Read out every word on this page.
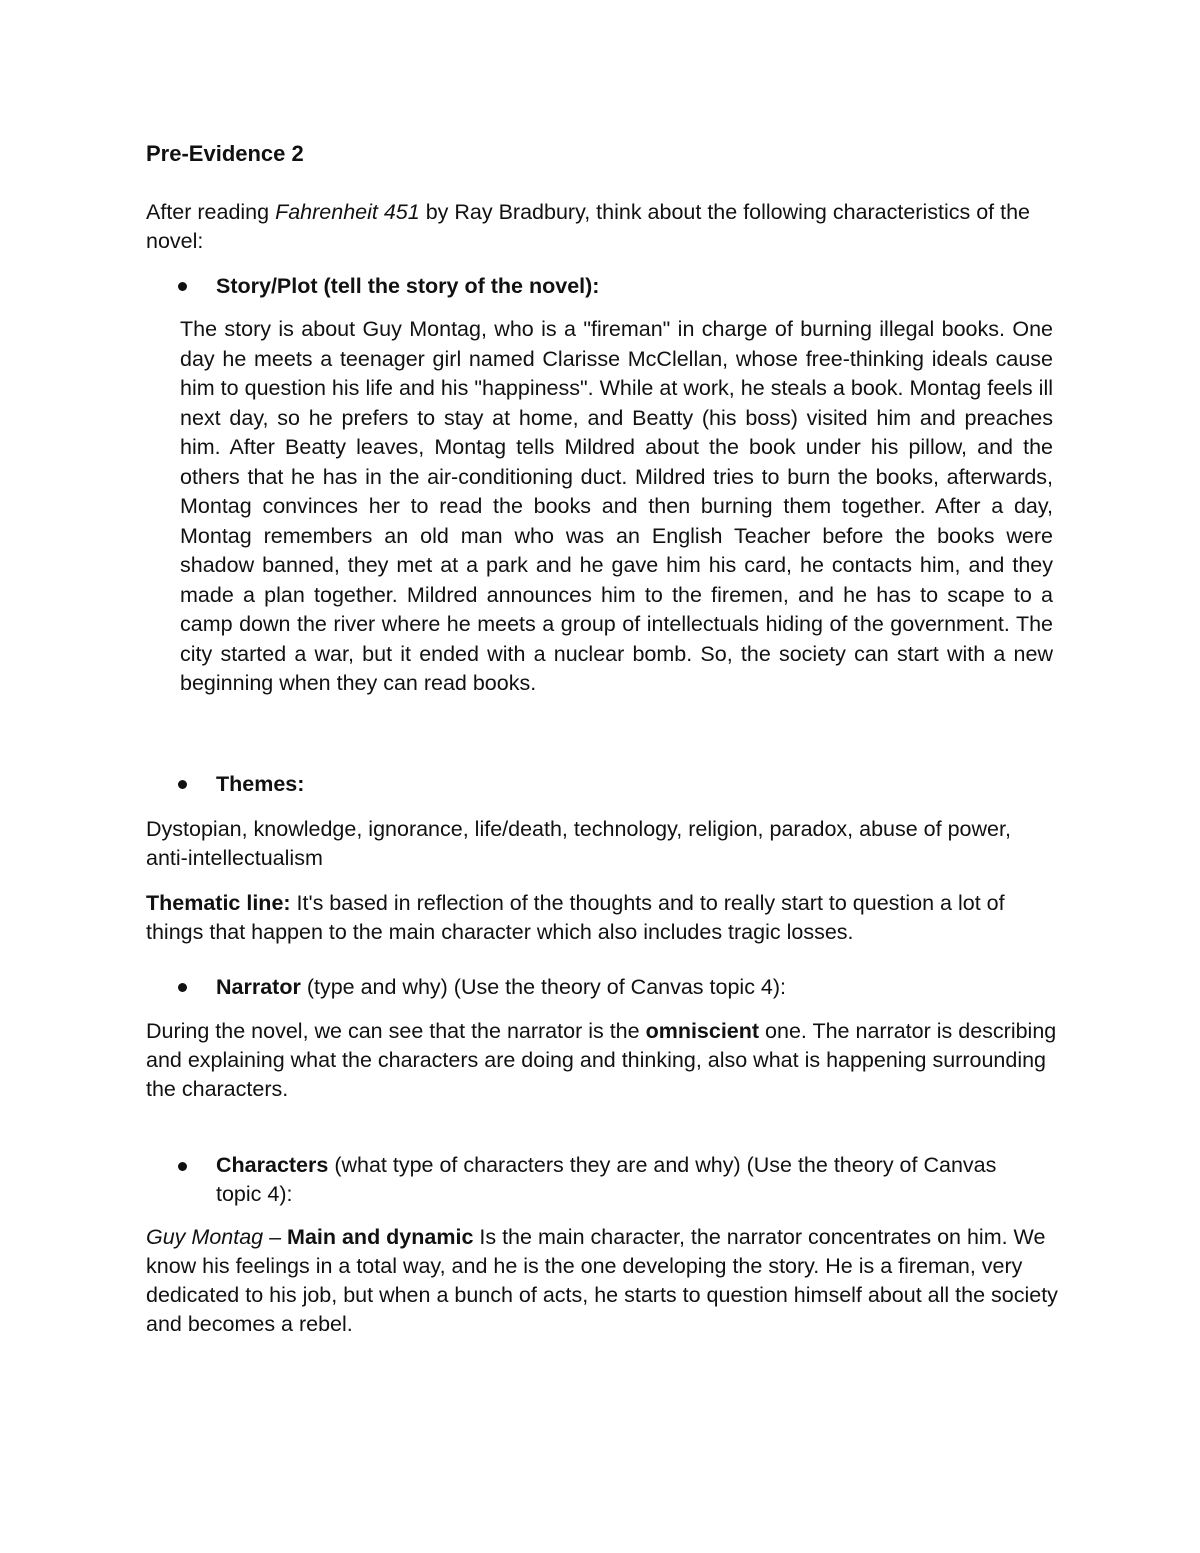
Pre-Evidence 2
After reading Fahrenheit 451 by Ray Bradbury, think about the following characteristics of the novel:
Story/Plot (tell the story of the novel):
The story is about Guy Montag, who is a "fireman" in charge of burning illegal books. One day he meets a teenager girl named Clarisse McClellan, whose free-thinking ideals cause him to question his life and his "happiness". While at work, he steals a book. Montag feels ill next day, so he prefers to stay at home, and Beatty (his boss) visited him and preaches him. After Beatty leaves, Montag tells Mildred about the book under his pillow, and the others that he has in the air-conditioning duct. Mildred tries to burn the books, afterwards, Montag convinces her to read the books and then burning them together. After a day, Montag remembers an old man who was an English Teacher before the books were shadow banned, they met at a park and he gave him his card, he contacts him, and they made a plan together. Mildred announces him to the firemen, and he has to scape to a camp down the river where he meets a group of intellectuals hiding of the government. The city started a war, but it ended with a nuclear bomb. So, the society can start with a new beginning when they can read books.
Themes:
Dystopian, knowledge, ignorance, life/death, technology, religion, paradox, abuse of power, anti-intellectualism
Thematic line: It's based in reflection of the thoughts and to really start to question a lot of things that happen to the main character which also includes tragic losses.
Narrator (type and why) (Use the theory of Canvas topic 4):
During the novel, we can see that the narrator is the omniscient one. The narrator is describing and explaining what the characters are doing and thinking, also what is happening surrounding the characters.
Characters (what type of characters they are and why) (Use the theory of Canvas topic 4):
Guy Montag – Main and dynamic Is the main character, the narrator concentrates on him. We know his feelings in a total way, and he is the one developing the story. He is a fireman, very dedicated to his job, but when a bunch of acts, he starts to question himself about all the society and becomes a rebel.
